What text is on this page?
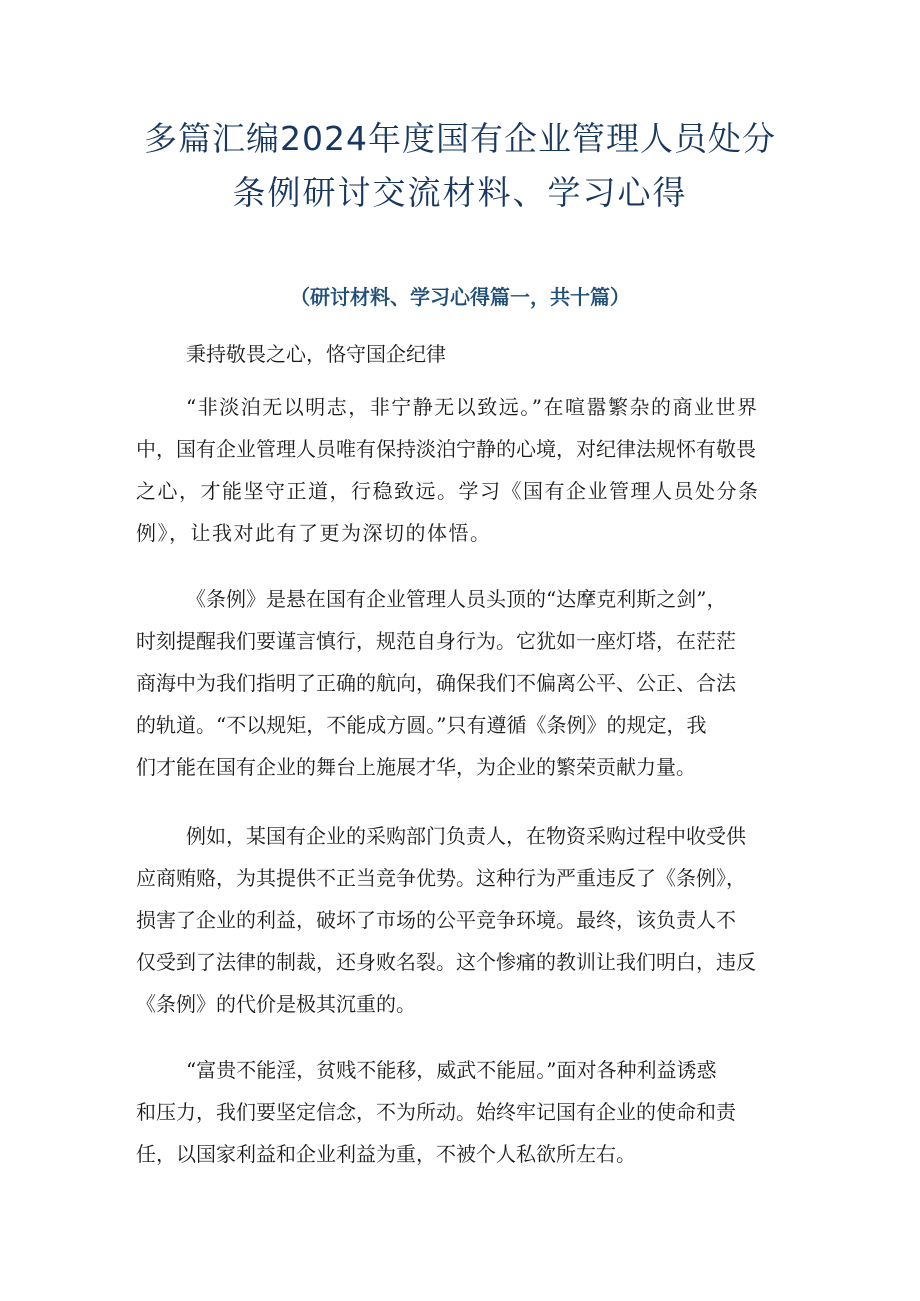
多篇汇编2024年度国有企业管理人员处分
条例研讨交流材料、学习心得
（研讨材料、学习心得篇一，共十篇）
秉持敬畏之心，恪守国企纪律
“非淡泊无以明志，非宁静无以致远。”在喧嚣繁杂的商业世界
中，国有企业管理人员唯有保持淡泊宁静的心境，对纪律法规怀有敬畏
之心，才能坚守正道，行稳致远。学习《国有企业管理人员处分条
例》，让我对此有了更为深切的体悟。
《条例》是悬在国有企业管理人员头顶的“达摩克利斯之剑”，
时刻提醒我们要谨言慎行，规范自身行为。它犹如一座灯塔，在茫茫
商海中为我们指明了正确的航向，确保我们不偏离公平、公正、合法
的轨道。“不以规矩，不能成方圆。”只有遵循《条例》的规定，我
们才能在国有企业的舞台上施展才华，为企业的繁荣贡献力量。
例如，某国有企业的采购部门负责人，在物资采购过程中收受供
应商贿赂，为其提供不正当竞争优势。这种行为严重违反了《条例》，
损害了企业的利益，破坏了市场的公平竞争环境。最终，该负责人不
仅受到了法律的制裁，还身败名裂。这个惨痛的教训让我们明白，违反
《条例》的代价是极其沉重的。
“富贵不能淫，贫贱不能移，威武不能屈。”面对各种利益诱惑
和压力，我们要坚定信念，不为所动。始终牢记国有企业的使命和责
任，以国家利益和企业利益为重，不被个人私欲所左右。
